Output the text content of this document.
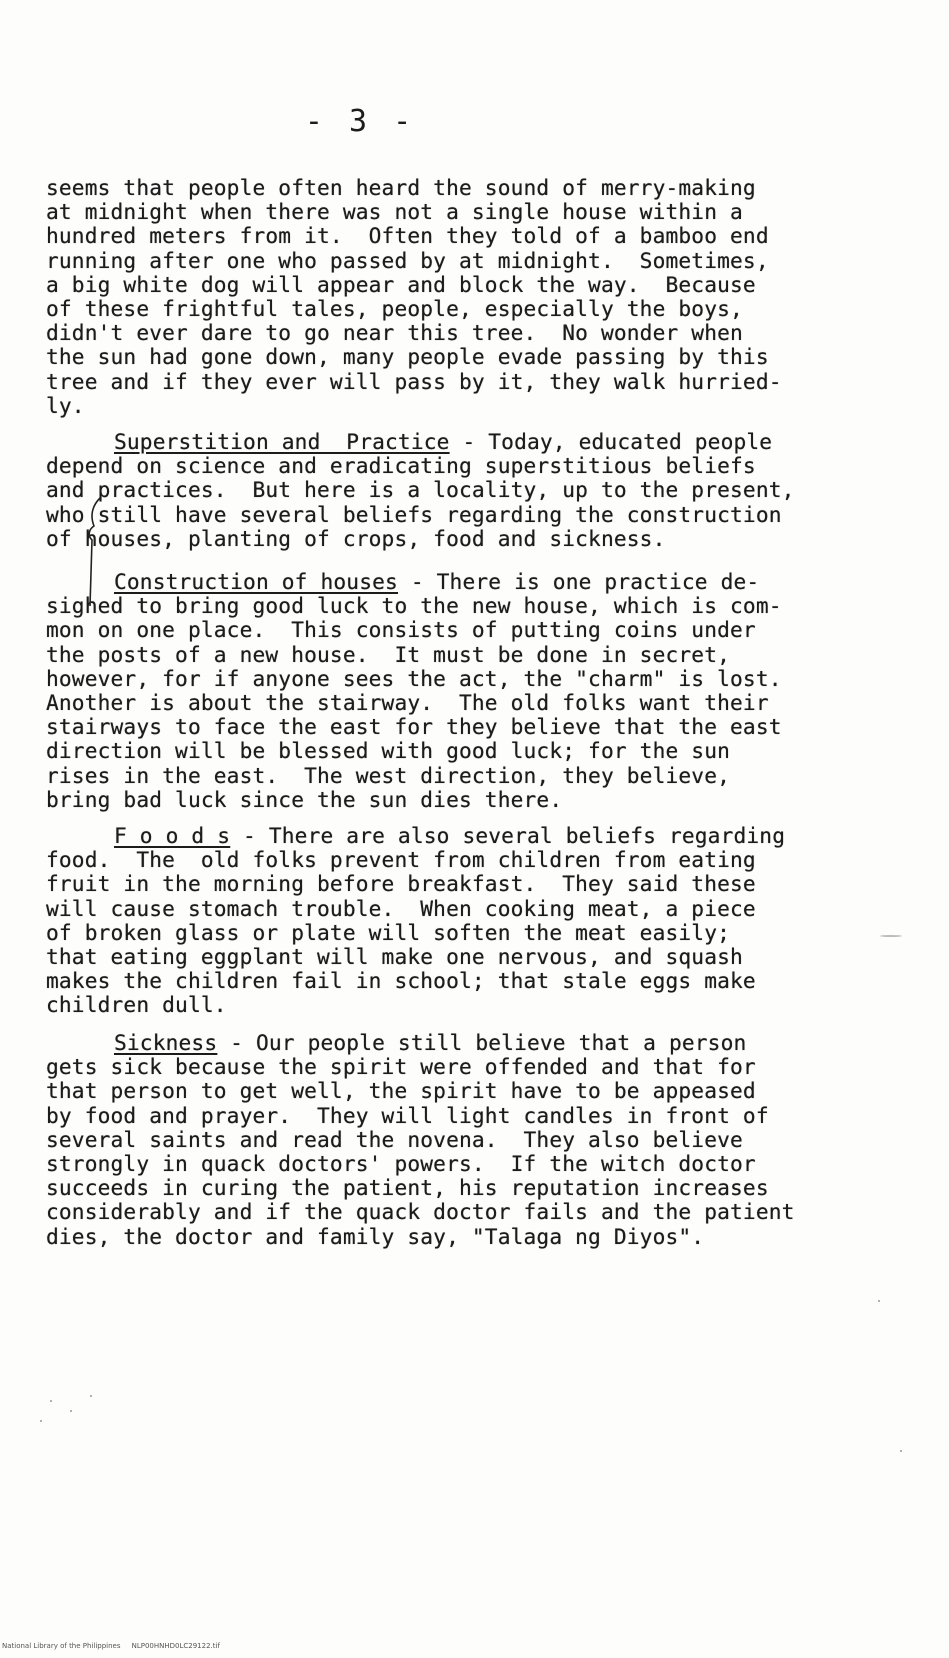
- 3 -
seems that people often heard the sound of merry-making
at midnight when there was not a single house within a
hundred meters from it.  Often they told of a bamboo end
running after one who passed by at midnight.  Sometimes,
a big white dog will appear and block the way.  Because
of these frightful tales, people, especially the boys,
didn't ever dare to go near this tree.  No wonder when
the sun had gone down, many people evade passing by this
tree and if they ever will pass by it, they walk hurried-
ly.
Superstition and  Practice - Today, educated people
depend on science and eradicating superstitious beliefs
and practices.  But here is a locality, up to the present,
who still have several beliefs regarding the construction
of houses, planting of crops, food and sickness.
Construction of houses - There is one practice de-
sighed to bring good luck to the new house, which is com-
mon on one place.  This consists of putting coins under
the posts of a new house.  It must be done in secret,
however, for if anyone sees the act, the "charm" is lost.
Another is about the stairway.  The old folks want their
stairways to face the east for they believe that the east
direction will be blessed with good luck; for the sun
rises in the east.  The west direction, they believe,
bring bad luck since the sun dies there.
F o o d s - There are also several beliefs regarding
food.  The  old folks prevent from children from eating
fruit in the morning before breakfast.  They said these
will cause stomach trouble.  When cooking meat, a piece
of broken glass or plate will soften the meat easily;
that eating eggplant will make one nervous, and squash
makes the children fail in school; that stale eggs make
children dull.
Sickness - Our people still believe that a person
gets sick because the spirit were offended and that for
that person to get well, the spirit have to be appeased
by food and prayer.  They will light candles in front of
several saints and read the novena.  They also believe
strongly in quack doctors' powers.  If the witch doctor
succeeds in curing the patient, his reputation increases
considerably and if the quack doctor fails and the patient
dies, the doctor and family say, "Talaga ng Diyos".
National Library of the Philippines     NLP00HNHD0LC29122.tif
